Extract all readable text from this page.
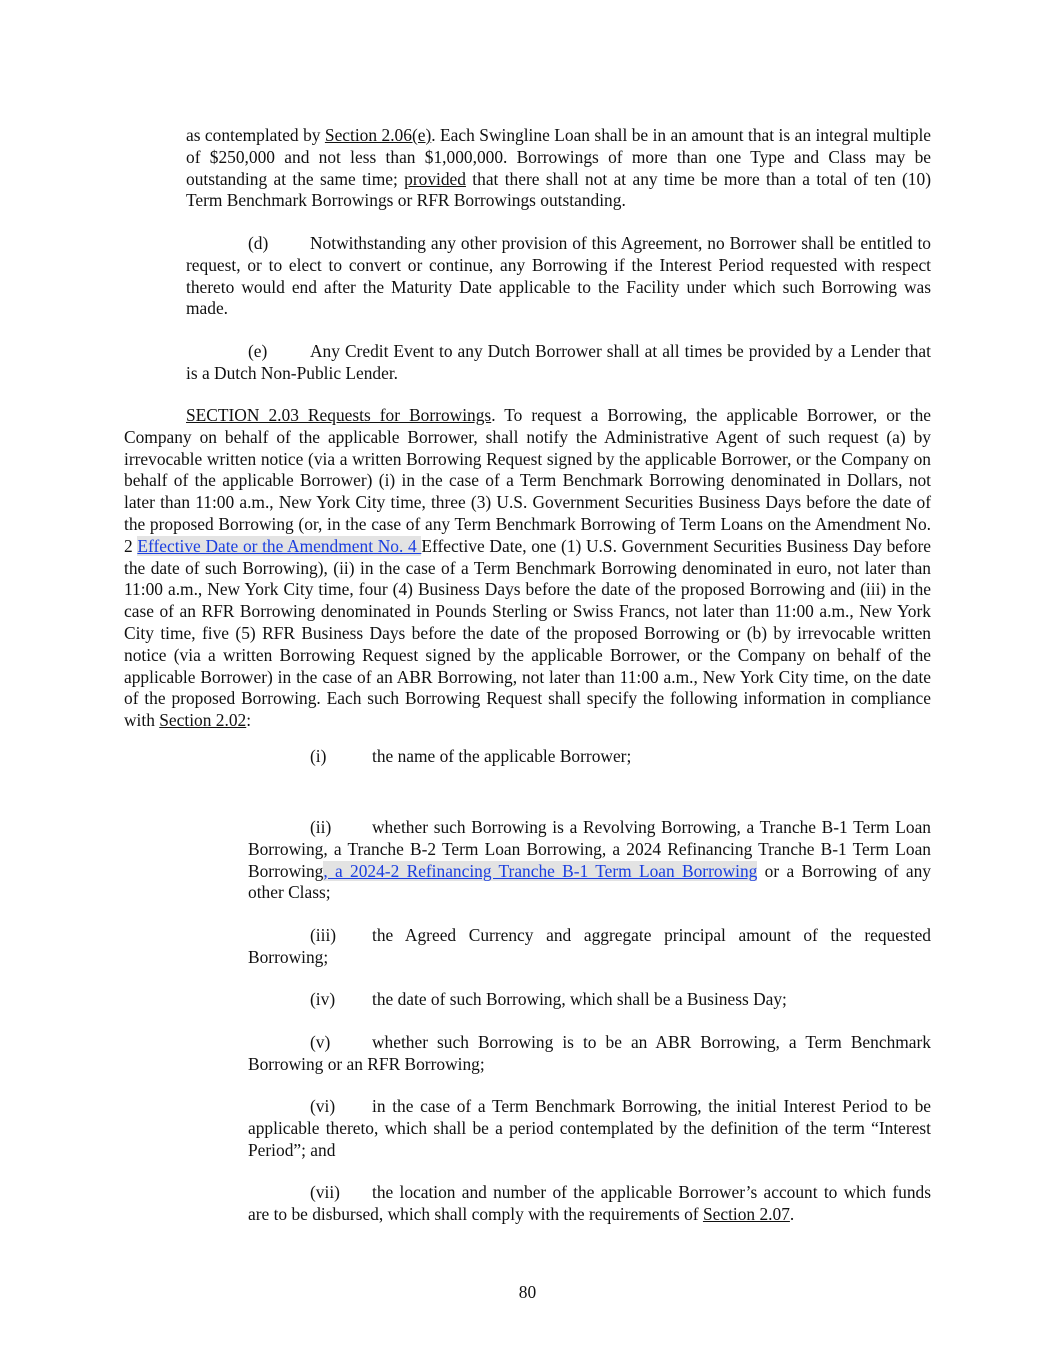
as contemplated by Section 2.06(e). Each Swingline Loan shall be in an amount that is an integral multiple of $250,000 and not less than $1,000,000. Borrowings of more than one Type and Class may be outstanding at the same time; provided that there shall not at any time be more than a total of ten (10) Term Benchmark Borrowings or RFR Borrowings outstanding.

(d) Notwithstanding any other provision of this Agreement, no Borrower shall be entitled to request, or to elect to convert or continue, any Borrowing if the Interest Period requested with respect thereto would end after the Maturity Date applicable to the Facility under which such Borrowing was made.

(e) Any Credit Event to any Dutch Borrower shall at all times be provided by a Lender that is a Dutch Non-Public Lender.

SECTION 2.03 Requests for Borrowings. To request a Borrowing, the applicable Borrower, or the Company on behalf of the applicable Borrower, shall notify the Administrative Agent of such request (a) by irrevocable written notice (via a written Borrowing Request signed by the applicable Borrower, or the Company on behalf of the applicable Borrower) (i) in the case of a Term Benchmark Borrowing denominated in Dollars, not later than 11:00 a.m., New York City time, three (3) U.S. Government Securities Business Days before the date of the proposed Borrowing (or, in the case of any Term Benchmark Borrowing of Term Loans on the Amendment No. 2 Effective Date or the Amendment No. 4 Effective Date, one (1) U.S. Government Securities Business Day before the date of such Borrowing), (ii) in the case of a Term Benchmark Borrowing denominated in euro, not later than 11:00 a.m., New York City time, four (4) Business Days before the date of the proposed Borrowing and (iii) in the case of an RFR Borrowing denominated in Pounds Sterling or Swiss Francs, not later than 11:00 a.m., New York City time, five (5) RFR Business Days before the date of the proposed Borrowing or (b) by irrevocable written notice (via a written Borrowing Request signed by the applicable Borrower, or the Company on behalf of the applicable Borrower) in the case of an ABR Borrowing, not later than 11:00 a.m., New York City time, on the date of the proposed Borrowing. Each such Borrowing Request shall specify the following information in compliance with Section 2.02:

(i)	the name of the applicable Borrower;

(ii) whether such Borrowing is a Revolving Borrowing, a Tranche B-1 Term Loan Borrowing, a Tranche B-2 Term Loan Borrowing, a 2024 Refinancing Tranche B-1 Term Loan Borrowing, a 2024-2 Refinancing Tranche B-1 Term Loan Borrowing or a Borrowing of any other Class;

(iii) the Agreed Currency and aggregate principal amount of the requested Borrowing;

(iv) the date of such Borrowing, which shall be a Business Day;

(v) whether such Borrowing is to be an ABR Borrowing, a Term Benchmark Borrowing or an RFR Borrowing;

(vi) in the case of a Term Benchmark Borrowing, the initial Interest Period to be applicable thereto, which shall be a period contemplated by the definition of the term “Interest Period”; and

(vii) the location and number of the applicable Borrower’s account to which funds are to be disbursed, which shall comply with the requirements of Section 2.07.

80
